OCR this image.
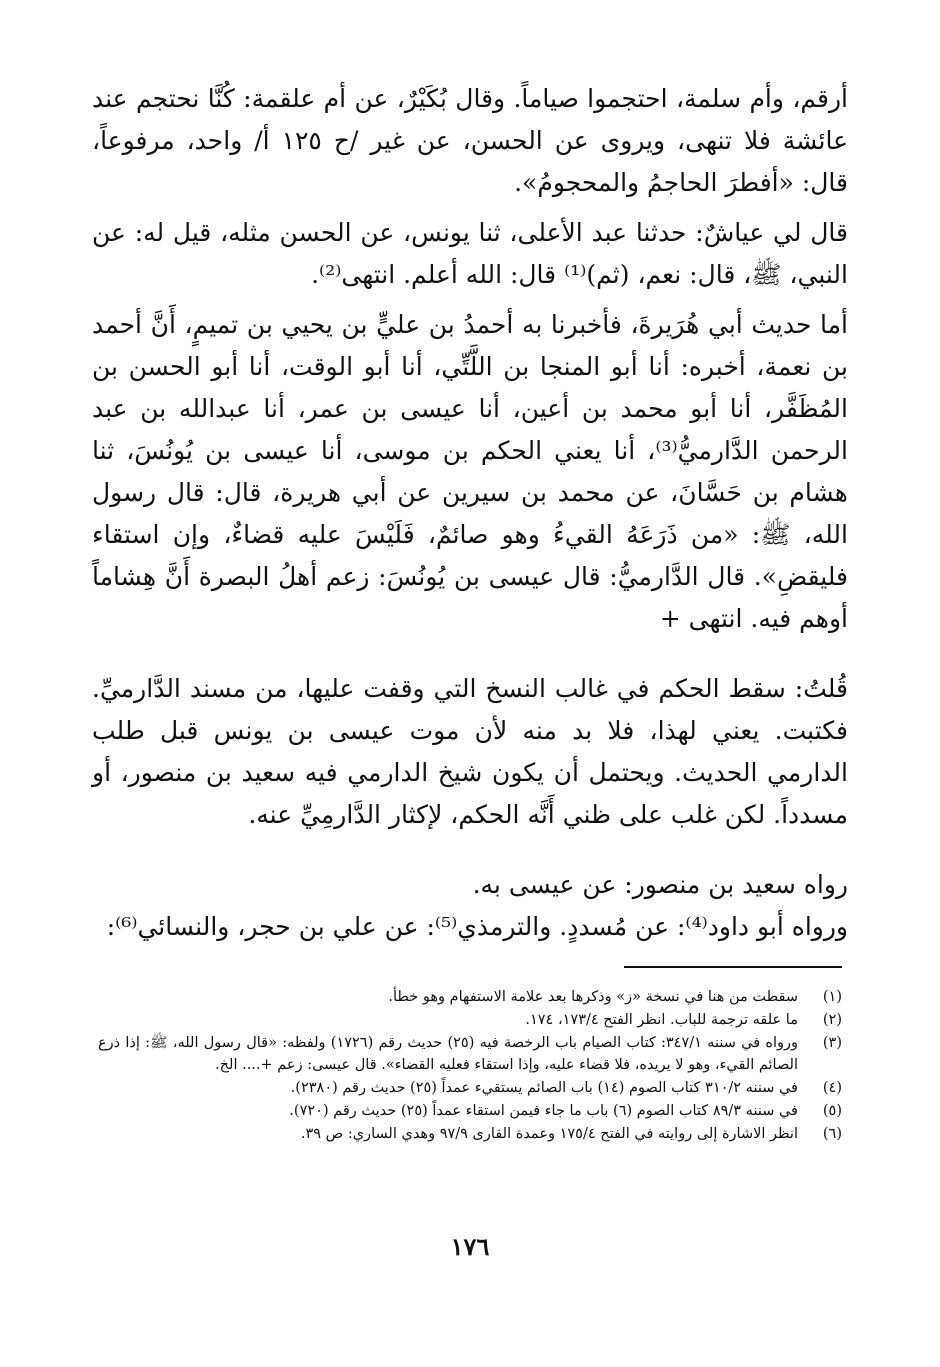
أرقم، وأم سلمة، احتجموا صياماً. وقال بُكَيْرٌ، عن أم علقمة: كُنَّا نحتجم عند عائشة فلا تنهى، ويروى عن الحسن، عن غير /ح ١٢٥ أ/ واحد، مرفوعاً، قال: «أفطرَ الحاجمُ والمحجومُ».

قال لي عياشٌ: حدثنا عبد الأعلى، ثنا يونس، عن الحسن مثله، قيل له: عن النبي، ﷺ، قال: نعم، (ثم)⁽¹⁾ قال: الله أعلم. انتهى⁽²⁾.

أما حديث أبي هُرَيرةَ، فأخبرنا به أحمدُ بن عليٍّ بن يحيي بن تميمٍ، أَنَّ أحمد بن نعمة، أخبره: أنا أبو المنجا بن اللَّتِّي، أنا أبو الوقت، أنا أبو الحسن بن المُظَفَّر، أنا أبو محمد بن أعين، أنا عيسى بن عمر، أنا عبدالله بن عبد الرحمن الدَّارميُّ⁽³⁾، أنا يعني الحكم بن موسى، أنا عيسى بن يُونُسَ، ثنا هشام بن حَسَّانَ، عن محمد بن سيرين عن أبي هريرة، قال: قال رسول الله، ﷺ: «من ذَرَعَهُ القيءُ وهو صائمٌ، فَلَيْسَ عليه قضاءٌ، وإن استقاء فليقضِ». قال الدَّارميُّ: قال عيسى بن يُونُسَ: زعم أهلُ البصرة أَنَّ هِشاماً أوهم فيه. انتهى +

قُلتُ: سقط الحكم في غالب النسخ التي وقفت عليها، من مسند الدَّارميِّ. فكتبت. يعني لهذا، فلا بد منه لأن موت عيسى بن يونس قبل طلب الدارمي الحديث. ويحتمل أن يكون شيخ الدارمي فيه سعيد بن منصور، أو مسدداً. لكن غلب على ظني أَنَّه الحكم، لإكثار الدَّارمِيِّ عنه.

رواه سعيد بن منصور: عن عيسى به.

ورواه أبو داود⁽⁴⁾: عن مُسددٍ. والترمذي⁽⁵⁾: عن علي بن حجر، والنسائي⁽⁶⁾:

(١)
سقطت من هنا في نسخة «ز» وذكرها بعد علامة الاستفهام وهو خطأ.
(٢)
ما علقه ترجمة للباب. انظر الفتح ١٧٣/٤، ١٧٤.
(٣)
ورواه في سننه ٣٤٧/١: كتاب الصيام باب الرخصة فيه (٢٥) حديث رقم (١٧٢٦) ولفظه: «قال رسول الله، ﷺ: إذا ذرع الصائم القيء، وهو لا يريده، فلا قضاء عليه، وإذا استقاء فعليه القضاء». قال عيسى: زعم +.... الخ.
(٤)
في سننه ٣١٠/٢ كتاب الصوم (١٤) باب الصائم يستقيء عمداً (٢٥) حديث رقم (٢٣٨٠).
(٥)
في سننه ٨٩/٣ كتاب الصوم (٦) باب ما جاء فيمن استقاء عمداً (٢٥) حديث رقم (٧٢٠).
(٦)
انظر الاشارة إلى روايته في الفتح ١٧٥/٤ وعمدة القارى ٩٧/٩ وهدي الساري: ص ٣٩.
١٧٦
